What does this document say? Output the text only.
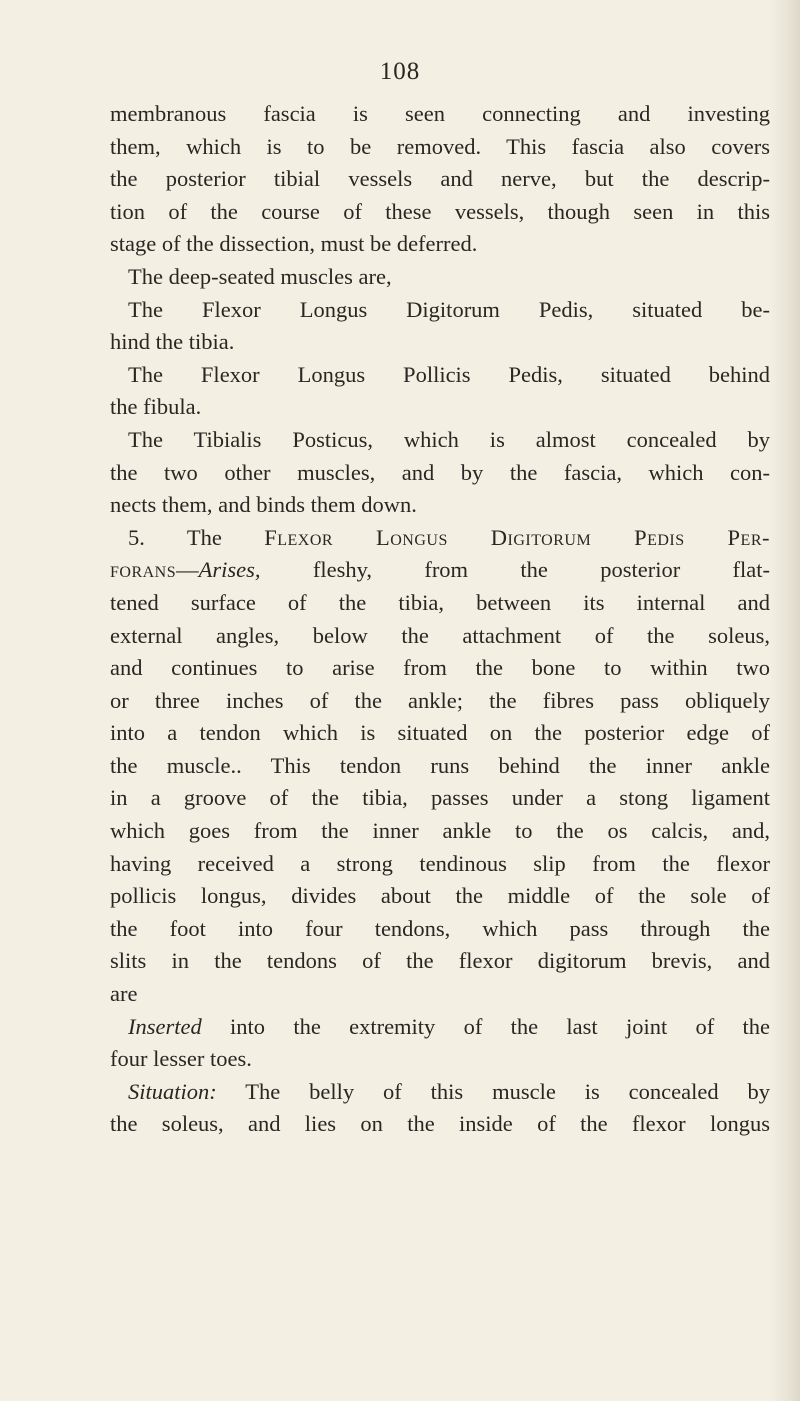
108

membranous fascia is seen connecting and investing

them, which is to be removed. This fascia also covers

the posterior tibial vessels and nerve, but the descrip-

tion of the course of these vessels, though seen in this

stage of the dissection, must be deferred.

The deep-seated muscles are,

The Flexor Longus Digitorum Pedis, situated be-

hind the tibia.

The Flexor Longus Pollicis Pedis, situated behind

the fibula.

The Tibialis Posticus, which is almost concealed by

the two other muscles, and by the fascia, which con-

nects them, and binds them down.

5. The Flexor Longus Digitorum Pedis Per-

forans—Arises, fleshy, from the posterior flat-

tened surface of the tibia, between its internal and

external angles, below the attachment of the soleus,

and continues to arise from the bone to within two

or three inches of the ankle; the fibres pass obliquely

into a tendon which is situated on the posterior edge of

the muscle.. This tendon runs behind the inner ankle

in a groove of the tibia, passes under a stong ligament

which goes from the inner ankle to the os calcis, and,

having received a strong tendinous slip from the flexor

pollicis longus, divides about the middle of the sole of

the foot into four tendons, which pass through the

slits in the tendons of the flexor digitorum brevis, and

are

Inserted into the extremity of the last joint of the

four lesser toes.

Situation: The belly of this muscle is concealed by

the soleus, and lies on the inside of the flexor longus
